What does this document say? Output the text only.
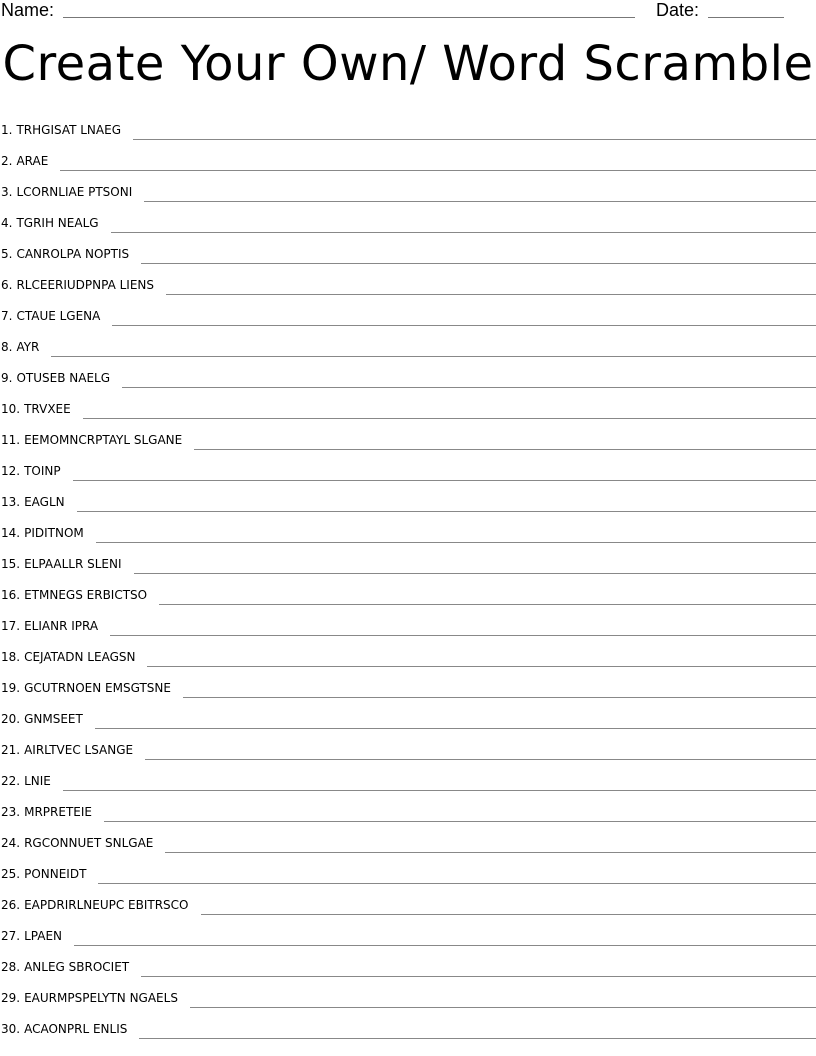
Name:	Date:
Create Your Own/ Word Scramble
1. TRHGISAT LNAEG
2. ARAE
3. LCORNLIAE PTSONI
4. TGRIH NEALG
5. CANROLPA NOPTIS
6. RLCEERIUDPNPA LIENS
7. CTAUE LGENA
8. AYR
9. OTUSEB NAELG
10. TRVXEE
11. EEMOMNCRPTAYL SLGANE
12. TOINP
13. EAGLN
14. PIDITNOM
15. ELPAALLR SLENI
16. ETMNEGS ERBICTSO
17. ELIANR IPRA
18. CEJATADN LEAGSN
19. GCUTRNOEN EMSGTSNE
20. GNMSEET
21. AIRLTVEC LSANGE
22. LNIE
23. MRPRETEIE
24. RGCONNUET SNLGAE
25. PONNEIDT
26. EAPDRIRLNEUPC EBITRSCO
27. LPAEN
28. ANLEG SBROCIET
29. EAURMPSPELYTN NGAELS
30. ACAONPRL ENLIS
